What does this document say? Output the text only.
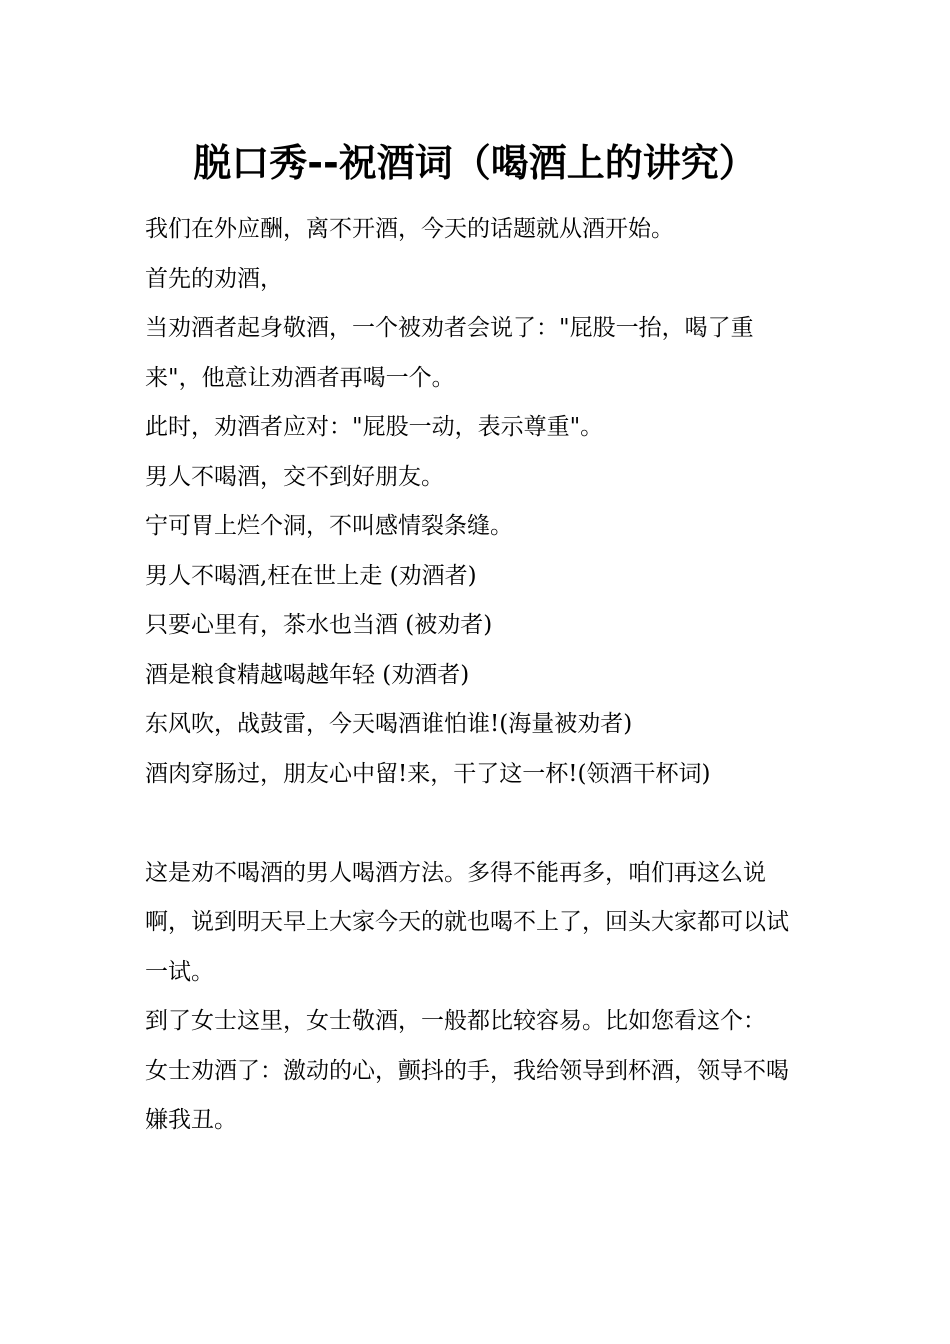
脱口秀--祝酒词（喝酒上的讲究）

我们在外应酬，离不开酒，今天的话题就从酒开始。

首先的劝酒，

当劝酒者起身敬酒，一个被劝者会说了："屁股一抬，喝了重来"，他意让劝酒者再喝一个。

此时，劝酒者应对："屁股一动，表示尊重"。

男人不喝酒，交不到好朋友。

宁可胃上烂个洞，不叫感情裂条缝。

男人不喝酒,枉在世上走 (劝酒者)

只要心里有，茶水也当酒 (被劝者)

酒是粮食精越喝越年轻 (劝酒者)

东风吹，战鼓雷，今天喝酒谁怕谁!(海量被劝者)

酒肉穿肠过，朋友心中留!来，干了这一杯!(领酒干杯词)

这是劝不喝酒的男人喝酒方法。多得不能再多，咱们再这么说啊，说到明天早上大家今天的就也喝不上了，回头大家都可以试一试。

到了女士这里，女士敬酒，一般都比较容易。比如您看这个：

女士劝酒了：激动的心，颤抖的手，我给领导到杯酒，领导不喝嫌我丑。
